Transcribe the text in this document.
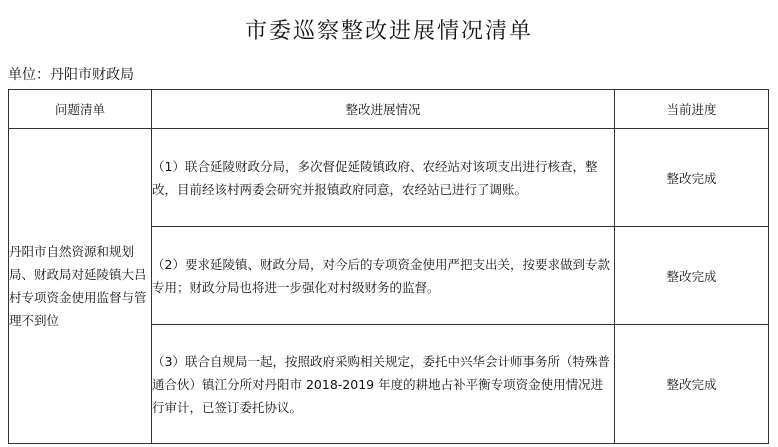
市委巡察整改进展情况清单
单位：丹阳市财政局
问题清单	整改进展情况	当前进度
丹阳市自然资源和规划局、财政局对延陵镇大吕村专项资金使用监督与管理不到位	（1）联合延陵财政分局，多次督促延陵镇政府、农经站对该项支出进行核查，整改，目前经该村两委会研究并报镇政府同意，农经站已进行了调账。	整改完成
	（2）要求延陵镇、财政分局，对今后的专项资金使用严把支出关，按要求做到专款专用；财政分局也将进一步强化对村级财务的监督。	整改完成
	（3）联合自规局一起，按照政府采购相关规定，委托中兴华会计师事务所（特殊普通合伙）镇江分所对丹阳市 2018-2019 年度的耕地占补平衡专项资金使用情况进行审计，已签订委托协议。	整改完成
